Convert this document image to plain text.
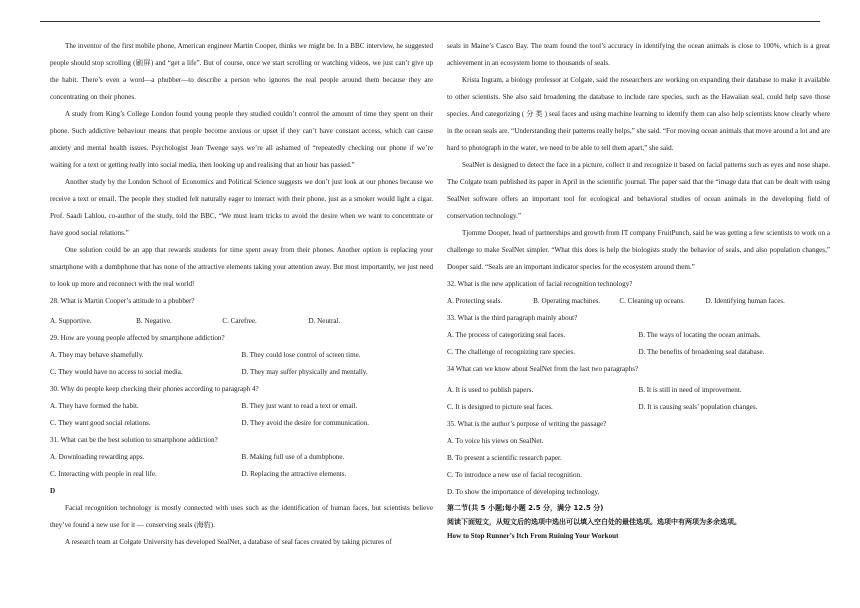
The inventor of the first mobile phone, American engineer Martin Cooper, thinks we might be. In a BBC interview, he suggested people should stop scrolling (刷屏) and “get a life”. But of course, once we start scrolling or watching videos, we just can’t give up the habit. There’s even a word—a phubber—to describe a person who ignores the real people around them because they are concentrating on their phones.

A study from King’s College London found young people they studied couldn’t control the amount of time they spent on their phone. Such addictive behaviour means that people become anxious or upset if they can’t have constant access, which can cause anxiety and mental health issues. Psychologist Jean Twenge says we’re all ashamed of “repeatedly checking our phone if we’re waiting for a text or getting really into social media, then looking up and realising that an hour has passed.”

Another study by the London School of Economics and Political Science suggests we don’t just look at our phones because we receive a text or email. The people they studied felt naturally eager to interact with their phone, just as a smoker would light a cigar. Prof. Saadi Lahlou, co-author of the study, told the BBC, “We must learn tricks to avoid the desire when we want to concentrate or have good social relations.”

One solution could be an app that rewards students for time spent away from their phones. Another option is replacing your smartphone with a dumbphone that has none of the attractive elements taking your attention away. But most importantly, we just need to look up more and reconnect with the real world!

28. What is Martin Cooper’s attitude to a phubber?

A. Supportive.	B. Negative.	C. Carefree.	D. Neutral.

29. How are young people affected by smartphone addiction?

A. They may behave shamefully.	B. They could lose control of screen time.
C. They would have no access to social media.	D. They may suffer physically and mentally.

30. Why do people keep checking their phones according to paragraph 4?

A. They have formed the habit.	B. They just want to read a text or email.
C. They want good social relations.	D. They avoid the desire for communication.

31. What can be the best solution to smartphone addiction?

A. Downloading rewarding apps.	B. Making full use of a dumbphone.
C. Interacting with people in real life.	D. Replacing the attractive elements.

D

Facial recognition technology is mostly connected with uses such as the identification of human faces, but scientists believe they’ve found a new use for it — conserving seals (海豹).

A research team at Colgate University has developed SealNet, a database of seal faces created by taking pictures of

seals in Maine’s Casco Bay. The team found the tool’s accuracy in identifying the ocean animals is close to 100%, which is a great achievement in an ecosystem home to thousands of seals.

Krista Ingram, a biology professor at Colgate, said the researchers are working on expanding their database to make it available to other scientists. She also said broadening the database to include rare species, such as the Hawaiian seal, could help save those species. And categorizing ( 分 类 ) seal faces and using machine learning to identify them can also help scientists know clearly where in the ocean seals are. “Understanding their patterns really helps,” she said. “For moving ocean animals that move around a lot and are hard to photograph in the water, we need to be able to tell them apart,” she said.

SealNet is designed to detect the face in a picture, collect it and recognize it based on facial patterns such as eyes and nose shape. The Colgate team published its paper in April in the scientific journal. The paper said that the “image data that can be dealt with using SealNet software offers an important tool for ecological and behavioral studies of ocean animals in the developing field of conservation technology.”

Tjomme Dooper, head of partnerships and growth from IT company FruitPunch, said he was getting a few scientists to work on a challenge to make SealNet simpler. “What this does is help the biologists study the behavior of seals, and also population changes,” Dooper said. “Seals are an important indicator species for the ecosystem around them.”

32. What is the new application of facial recognition technology?

A. Protecting seals.	B. Operating machines.	C. Cleaning up oceans.	D. Identifying human faces.

33. What is the third paragraph mainly about?

A. The process of categorizing seal faces.	B. The ways of locating the ocean animals.
C. The challenge of recognizing rare species.	D. The benefits of broadening seal database.

34 What can we know about SealNet from the last two paragraphs?

A. It is used to publish papers.	B. It is still in need of improvement.
C. It is designed to picture seal faces.	D. It is causing seals’ population changes.

35. What is the author’s purpose of writing the passage?

A. To voice his views on SealNet.
B. To present a scientific research paper.
C. To introduce a new use of facial recognition.
D. To show the importance of developing technology.

第二节(共 5 小题;每小题 2.5 分，满分 12.5 分)

阅读下面短文，从短文后的选项中选出可以填入空白处的最佳选项。选项中有两项为多余选项。

How to Stop Runner’s Itch From Ruining Your Workout
